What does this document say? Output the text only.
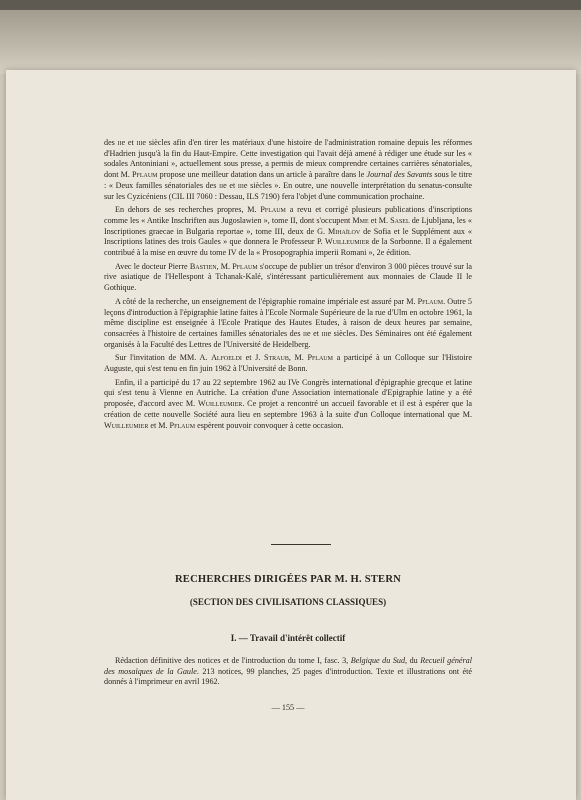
des iie et iiie siècles afin d'en tirer les matériaux d'une histoire de l'administration romaine depuis les réformes d'Hadrien jusqu'à la fin du Haut-Empire. Cette investigation qui l'avait déjà amené à rédiger une étude sur les « sodales Antoniniani », actuellement sous presse, a permis de mieux comprendre certaines carrières sénatoriales, dont M. Pflaum propose une meilleur datation dans un article à paraître dans le Journal des Savants sous le titre : « Deux familles sénatoriales des iie et iiie siècles ». En outre, une nouvelle interprétation du senatus-consulte sur les Cyzicéniens (CIL III 7060 : Dessau, ILS 7190) fera l'objet d'une communication prochaine.

En dehors de ses recherches propres, M. Pflaum a revu et corrigé plusieurs publications d'inscriptions comme les « Antike Inschriften aus Jugoslawien », tome II, dont s'occupent Mme et M. Sasel de Ljubljana, les « Inscriptiones graecae in Bulgaria reportae », tome III, deux de G. Mihaïlov de Sofia et le Supplément aux « Inscriptions latines des trois Gaules » que donnera le Professeur P. Wuilleumier de la Sorbonne. Il a également contribué à la mise en œuvre du tome IV de la « Prosopographia imperii Romani », 2e édition.

Avec le docteur Pierre Bastien, M. Pflaum s'occupe de publier un trésor d'environ 3 000 pièces trouvé sur la rive asiatique de l'Hellespont à Tchanak-Kalé, s'intéressant particulièrement aux monnaies de Claude II le Gothique.

A côté de la recherche, un enseignement de l'épigraphie romaine impériale est assuré par M. Pflaum. Outre 5 leçons d'introduction à l'épigraphie latine faites à l'Ecole Normale Supérieure de la rue d'Ulm en octobre 1961, la même discipline est enseignée à l'Ecole Pratique des Hautes Etudes, à raison de deux heures par semaine, consacrées à l'histoire de certaines familles sénatoriales des iie et iiie siècles. Des Séminaires ont été également organisés à la Faculté des Lettres de l'Université de Heidelberg.

Sur l'invitation de MM. A. Alfoeldi et J. Straub, M. Pflaum a participé à un Colloque sur l'Histoire Auguste, qui s'est tenu en fin juin 1962 à l'Université de Bonn.

Enfin, il a participé du 17 au 22 septembre 1962 au IVe Congrès international d'épigraphie grecque et latine qui s'est tenu à Vienne en Autriche. La création d'une Association internationale d'Epigraphie latine y a été proposée, d'accord avec M. Wuilleumier. Ce projet a rencontré un accueil favorable et il est à espérer que la création de cette nouvelle Société aura lieu en septembre 1963 à la suite d'un Colloque international que M. Wuilleumier et M. Pflaum espèrent pouvoir convoquer à cette occasion.

RECHERCHES DIRIGÉES PAR M. H. STERN
(SECTION DES CIVILISATIONS CLASSIQUES)
I. — Travail d'intérêt collectif

Rédaction définitive des notices et de l'introduction du tome I, fasc. 3, Belgique du Sud, du Recueil général des mosaïques de la Gaule. 213 notices, 99 planches, 25 pages d'introduction. Texte et illustrations ont été donnés à l'imprimeur en avril 1962.

— 155 —
